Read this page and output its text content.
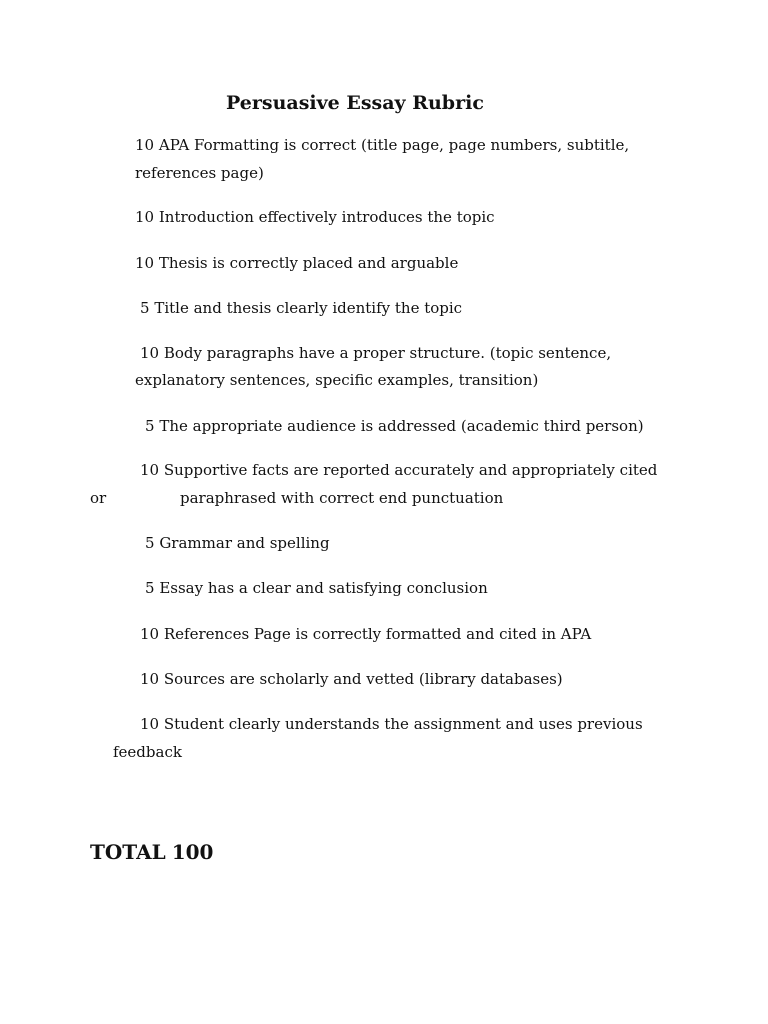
Persuasive Essay Rubric
10 APA Formatting is correct (title page, page numbers, subtitle,
references page)
10 Introduction effectively introduces the topic
10 Thesis is correctly placed and arguable
5 Title and thesis clearly identify the topic
10 Body paragraphs have a proper structure. (topic sentence,
explanatory sentences, specific examples, transition)
5 The appropriate audience is addressed (academic third person)
10 Supportive facts are reported accurately and appropriately cited
or	paraphrased with correct end punctuation
5 Grammar and spelling
5 Essay has a clear and satisfying conclusion
10 References Page is correctly formatted and cited in APA
10 Sources are scholarly and vetted (library databases)
10 Student clearly understands the assignment and uses previous
feedback
TOTAL 100
